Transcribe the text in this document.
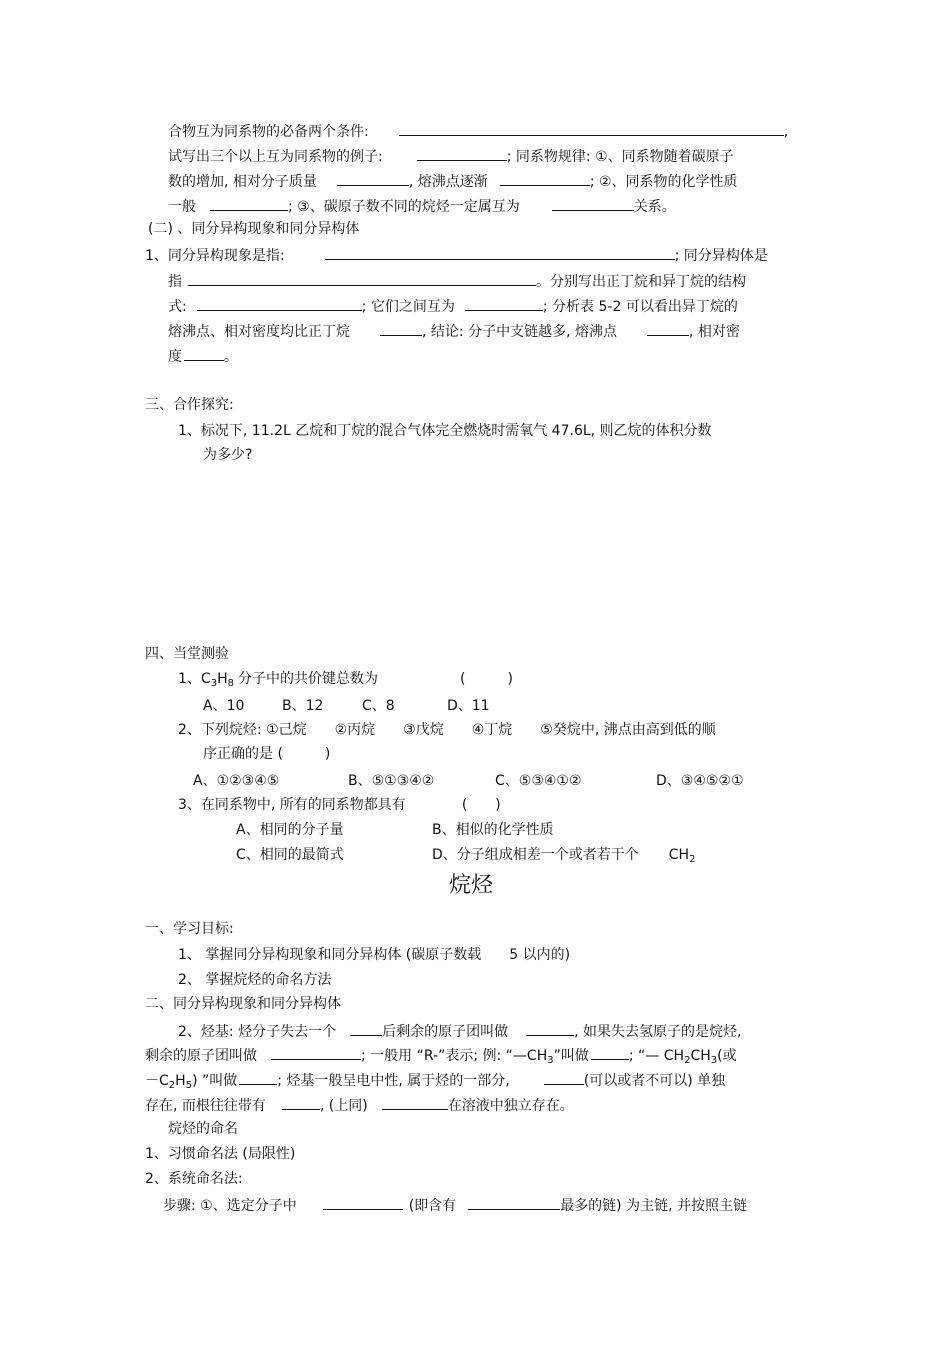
合物互为同系物的必备两个条件:	,
试写出三个以上互为同系物的例子:	; 同系物规律: ①、同系物随着碳原子
数的增加, 相对分子质量	, 熔沸点逐渐	; ②、同系物的化学性质
一般	; ③、碳原子数不同的烷烃一定属互为	关系。
(二) 、同分异构现象和同分异构体
1、同分异构现象是指:	; 同分异构体是
指	。分别写出正丁烷和异丁烷的结构
式:	; 它们之间互为	; 分析表 5-2 可以看出异丁烷的
熔沸点、相对密度均比正丁烷	, 结论: 分子中支链越多, 熔沸点	, 相对密
度	。
三、合作探究:
1、标况下, 11.2L 乙烷和丁烷的混合气体完全燃烧时需氧气 47.6L, 则乙烷的体积分数
为多少?
四、当堂测验
1、$C_3H_8$ 分子中的共价键总数为	(　　　)
A、10	B、12	C、8	D、11
2、下列烷烃: ①己烷　　②丙烷　　③戊烷　　④丁烷　　⑤癸烷中, 沸点由高到低的顺
序正确的是 (　　　)
A、①②③④⑤	B、⑤①③④②	C、⑤③④①②	D、③④⑤②①
3、在同系物中, 所有的同系物都具有	(　　)
A、相同的分子量	B、相似的化学性质
C、相同的最简式	D、分子组成相差一个或者若干个 $CH_2$
烷烃
一、学习目标:
1、 掌握同分异构现象和同分异构体 (碳原子数载　　5 以内的)
2、 掌握烷烃的命名方法
二、同分异构现象和同分异构体
2、烃基: 烃分子失去一个	后剩余的原子团叫做	, 如果失去氢原子的是烷烃,
剩余的原子团叫做	; 一般用 “R-”表示; 例: “$—CH_3$”叫做	; “— $CH_2CH_3$(或
$-C_2H_5$) ”叫做	; 烃基一般呈电中性, 属于烃的一部分,	(可以或者不可以) 单独
存在, 而根往往带有	, (上同)	在溶液中独立存在。
烷烃的命名
1、习惯命名法 (局限性)
2、系统命名法:
步骤: ①、选定分子中	(即含有	最多的链) 为主链, 并按照主链
